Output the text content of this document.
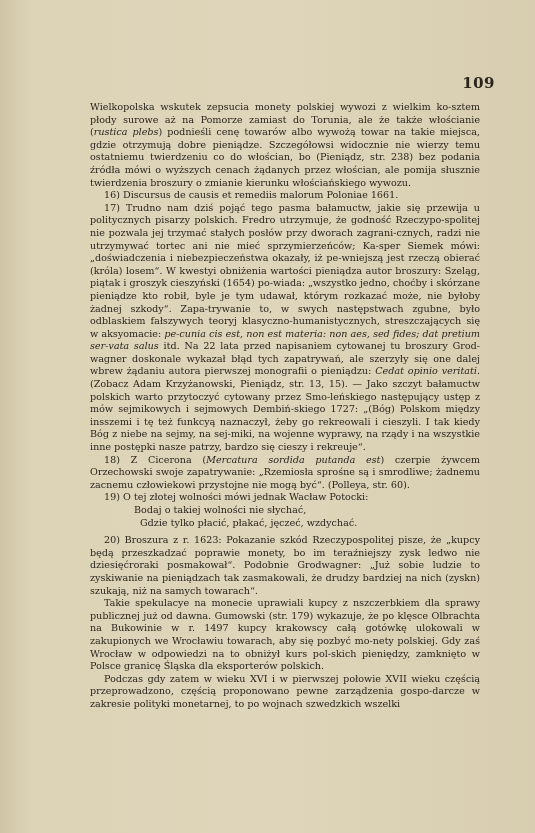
109

Wielkopolska wskutek zepsucia monety polskiej wywozi z wielkim ko-sztem płody surowe aż na Pomorze zamiast do Torunia, ale że także włościanie (rustica plebs) podnieśli cenę towarów albo wywożą towar na takie miejsca, gdzie otrzymują dobre pieniądze. Szczegółowsi widocznie nie wierzy temu ostatniemu twierdzeniu co do włościan, bo (Pieniądz, str. 238) bez podania źródła mówi o wyższych cenach żądanych przez włościan, ale pomija słusznie twierdzenia broszury o zmianie kierunku włościańskiego wywozu.

16) Discursus de causis et remediis malorum Poloniae 1661.

17) Trudno nam dziś pojąć tego pasma bałamuctw, jakie się przewija u politycznych pisarzy polskich. Fredro utrzymuje, że godność Rzeczypo-spolitej nie pozwala jej trzymać stałych posłów przy dworach zagrani-cznych, radzi nie utrzymywać tortec ani nie mieć sprzymierzeńców; Ka-sper Siemek mówi: „doświadczenia i niebezpieczeństwa okazały, iż pe-wniejszą jest rzeczą obierać (króla) losem“. W kwestyi obniżenia wartości pieniądza autor broszury: Szeląg, piątak i groszyk cieszyński (1654) po-wiada: „wszystko jedno, choćby i skórzane pieniądze kto robił, byle je tym udawał, którym rozkazać może, nie byłoby żadnej szkody“. Zapa-trywanie to, w swych następstwach zgubne, było odblaskiem fałszywych teoryj klasyczno-humanistycznych, streszczających się w aksyomacie: pe-cunia cis est, non est materia: non aes, sed fides; dat pretium ser-vata salus itd. Na 22 lata przed napisaniem cytowanej tu broszury Grod-wagner doskonale wykazał błąd tych zapatrywań, ale szerzyły się one dalej wbrew żądaniu autora pierwszej monografii o pieniądzu: Cedat opinio veritati. (Zobacz Adam Krzyżanowski, Pieniądz, str. 13, 15). — Jako szczyt bałamuctw polskich warto przytoczyć cytowany przez Smo-leńskiego następujący ustęp z mów sejmikowych i sejmowych Dembiń-skiego 1727: „(Bóg) Polskom między insszemi i tę też funkcyą naznaczył, żeby go rekreowali i cieszyli. I tak kiedy Bóg z niebe na sejmy, na sej-miki, na wojenne wyprawy, na rządy i na wszystkie inne postępki nasze patrzy, bardzo się cieszy i rekreuje“.

18) Z Cicerona (Mercatura sordida putanda est) czerpie żywcem Orzechowski swoje zapatrywanie: „Rzemiosła sprośne są i smrodliwe; żadnemu zacnemu człowiekowi przystojne nie mogą być“. (Polleya, str. 60).

19) O tej złotej wolności mówi jednak Wacław Potocki:

Bodaj o takiej wolności nie słychać,
Gdzie tylko płacić, płakać, jęczeć, wzdychać.

20) Broszura z r. 1623: Pokazanie szkód Rzeczypospolitej pisze, że „kupcy będą przeszkadzać poprawie monety, bo im teraźniejszy zysk ledwo nie dziesięćroraki posmakował“. Podobnie Grodwagner: „Już sobie ludzie to zyskiwanie na pieniądzach tak zasmakowali, że drudzy bardziej na nich (zyskn) szukają, niż na samych towarach“.

Takie spekulacye na monecie uprawiali kupcy z nszczerbkiem dla sprawy publicznej już od dawna. Gumowski (str. 179) wykazuje, że po klęsce Olbrachta na Bukowinie w r. 1497 kupcy krakowscy całą gotówkę ulokowali w zakupionych we Wrocławiu towarach, aby się pozbyć mo-nety polskiej. Gdy zaś Wrocław w odpowiedzi na to obniżył kurs pol-skich pieniędzy, zamknięto w Polsce granicę Śląska dla eksporterów polskich.

Podczas gdy zatem w wieku XVI i w pierwszej połowie XVII wieku częścią przeprowadzono, częścią proponowano pewne zarządzenia gospo-darcze w zakresie polityki monetarnej, to po wojnach szwedzkich wszelki
